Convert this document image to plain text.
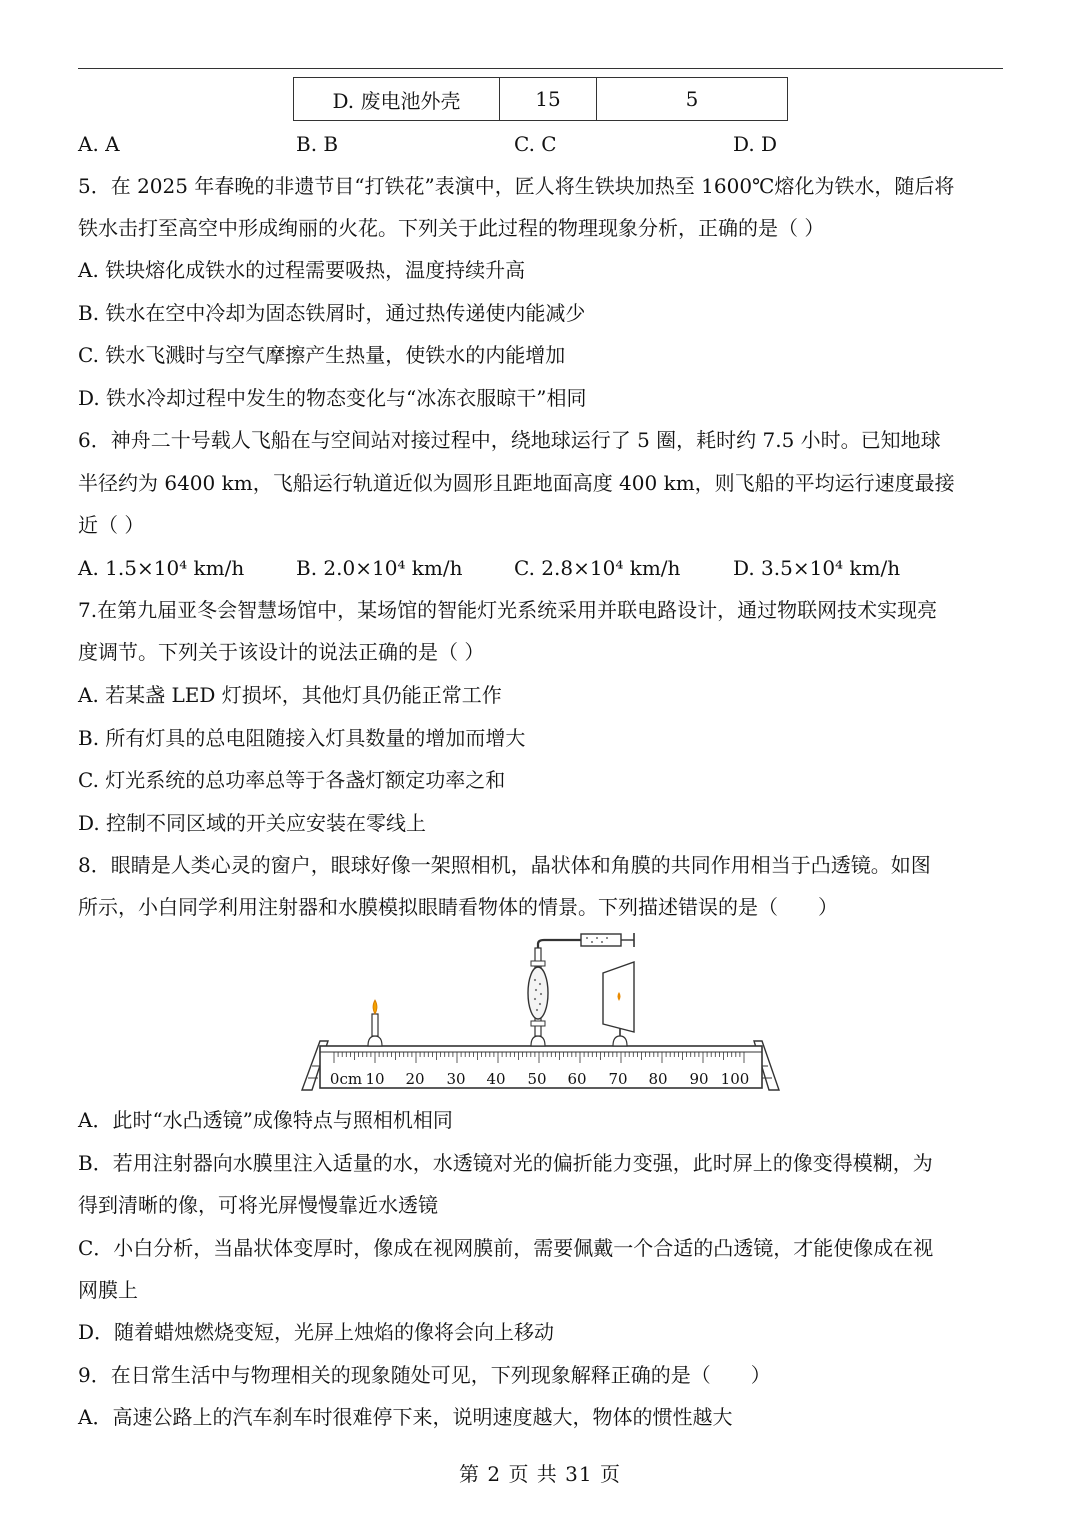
D. 废电池外壳	15	5
A. A	B. B	C. C	D. D
5．在 2025 年春晚的非遗节目“打铁花”表演中，匠人将生铁块加热至 1600℃熔化为铁水，随后将
铁水击打至高空中形成绚丽的火花。下列关于此过程的物理现象分析，正确的是（ ）
A. 铁块熔化成铁水的过程需要吸热，温度持续升高
B. 铁水在空中冷却为固态铁屑时，通过热传递使内能减少
C. 铁水飞溅时与空气摩擦产生热量，使铁水的内能增加
D. 铁水冷却过程中发生的物态变化与“冰冻衣服晾干”相同
6．神舟二十号载人飞船在与空间站对接过程中，绕地球运行了 5 圈，耗时约 7.5 小时。已知地球
半径约为 6400 km，飞船运行轨道近似为圆形且距地面高度 400 km，则飞船的平均运行速度最接
近（ ）
A. 1.5×10⁴ km/h	B. 2.0×10⁴ km/h	C. 2.8×10⁴ km/h	D. 3.5×10⁴ km/h
7.在第九届亚冬会智慧场馆中，某场馆的智能灯光系统采用并联电路设计，通过物联网技术实现亮
度调节。下列关于该设计的说法正确的是（ ）
A. 若某盏 LED 灯损坏，其他灯具仍能正常工作
B. 所有灯具的总电阻随接入灯具数量的增加而增大
C. 灯光系统的总功率总等于各盏灯额定功率之和
D. 控制不同区域的开关应安装在零线上
8．眼睛是人类心灵的窗户，眼球好像一架照相机，晶状体和角膜的共同作用相当于凸透镜。如图
所示，小白同学利用注射器和水膜模拟眼睛看物体的情景。下列描述错误的是（　　）
0cm 10 20 30 40 50 60 70 80 90 100
A．此时“水凸透镜”成像特点与照相机相同
B．若用注射器向水膜里注入适量的水，水透镜对光的偏折能力变强，此时屏上的像变得模糊，为
得到清晰的像，可将光屏慢慢靠近水透镜
C．小白分析，当晶状体变厚时，像成在视网膜前，需要佩戴一个合适的凸透镜，才能使像成在视
网膜上
D．随着蜡烛燃烧变短，光屏上烛焰的像将会向上移动
9．在日常生活中与物理相关的现象随处可见，下列现象解释正确的是（　　）
A．高速公路上的汽车刹车时很难停下来，说明速度越大，物体的惯性越大
第 2 页 共 31 页
